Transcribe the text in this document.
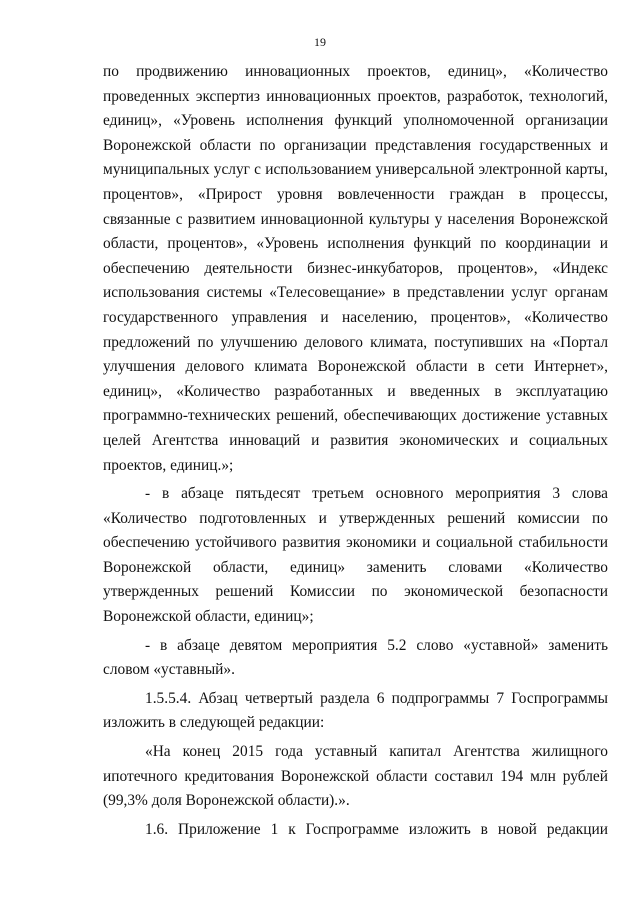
19

по продвижению инновационных проектов, единиц», «Количество проведенных экспертиз инновационных проектов, разработок, технологий, единиц», «Уровень исполнения функций уполномоченной организации Воронежской области по организации представления государственных и муниципальных услуг с использованием универсальной электронной карты, процентов», «Прирост уровня вовлеченности граждан в процессы, связанные с развитием инновационной культуры у населения Воронежской области, процентов», «Уровень исполнения функций по координации и обеспечению деятельности бизнес-инкубаторов, процентов», «Индекс использования системы «Телесовещание» в представлении услуг органам государственного управления и населению, процентов», «Количество предложений по улучшению делового климата, поступивших на «Портал улучшения делового климата Воронежской области в сети Интернет», единиц», «Количество разработанных и введенных в эксплуатацию программно-технических решений, обеспечивающих достижение уставных целей Агентства инноваций и развития экономических и социальных проектов, единиц.»;

- в абзаце пятьдесят третьем основного мероприятия 3 слова «Количество подготовленных и утвержденных решений комиссии по обеспечению устойчивого развития экономики и социальной стабильности Воронежской области, единиц» заменить словами «Количество утвержденных решений Комиссии по экономической безопасности Воронежской области, единиц»;

- в абзаце девятом мероприятия 5.2 слово «уставной» заменить словом «уставный».

1.5.5.4. Абзац четвертый раздела 6 подпрограммы 7 Госпрограммы изложить в следующей редакции:

«На конец 2015 года уставный капитал Агентства жилищного ипотечного кредитования Воронежской области составил 194 млн рублей (99,3% доля Воронежской области).».

1.6. Приложение 1 к Госпрограмме изложить в новой редакции
